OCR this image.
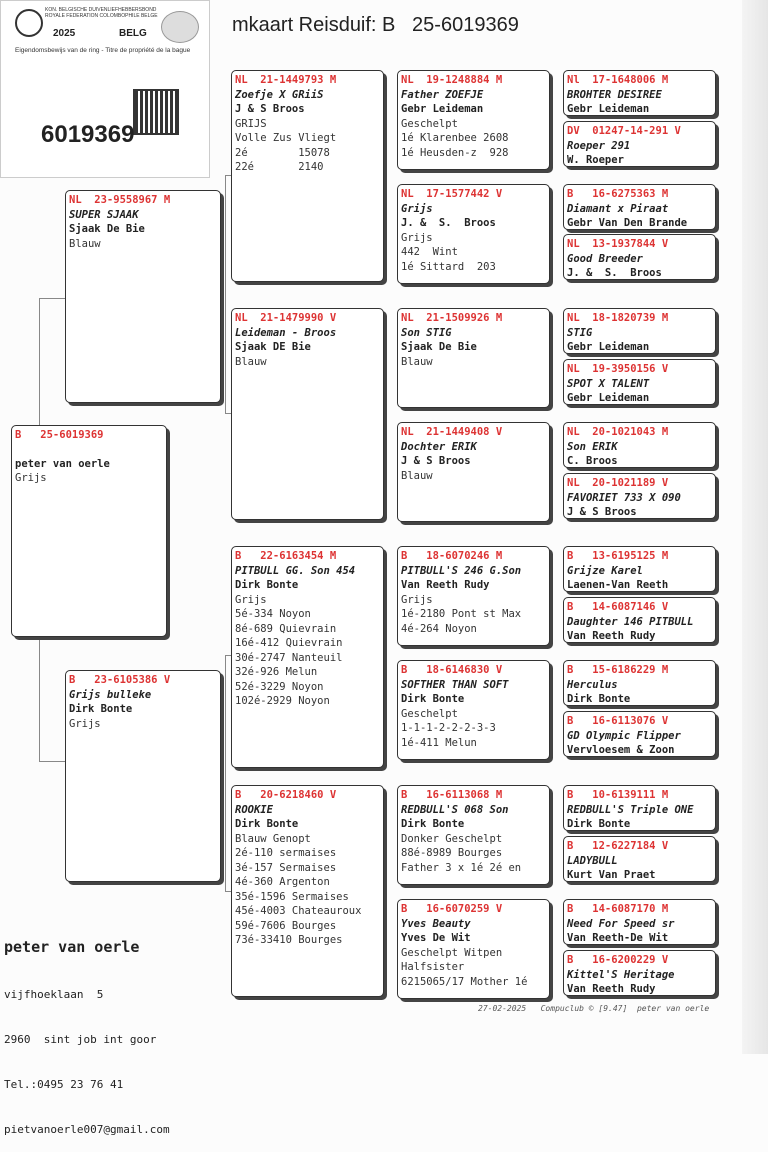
mkaart Reisduif: B   25-6019369
B   25-6019369
peter van oerle
Grijs
NL  23-9558967 M
SUPER SJAAK
Sjaak De Bie
Blauw
B   23-6105386 V
Grijs bulleke
Dirk Bonte
Grijs
NL  21-1449793 M
Zoefje X GRiiS
J & S Broos
GRIJS
Volle Zus Vliegt
2é        15078
22é       2140
NL  21-1479990 V
Leideman - Broos
Sjaak DE Bie
Blauw
B   22-6163454 M
PITBULL GG. Son 454
Dirk Bonte
Grijs
5é-334 Noyon
8é-689 Quievrain
16é-412 Quievrain
30é-2747 Nanteuil
32é-926 Melun
52é-3229 Noyon
102é-2929 Noyon
B   20-6218460 V
ROOKIE
Dirk Bonte
Blauw Genopt
2é-110 sermaises
3é-157 Sermaises
4é-360 Argenton
35é-1596 Sermaises
45é-4003 Chateauroux
59é-7606 Bourges
73é-33410 Bourges
NL  19-1248884 M
Father ZOEFJE
Gebr Leideman
Geschelpt
1é Klarenbee 2608
1é Heusden-z  928
NL  17-1577442 V
Grijs
J. &  S.  Broos
Grijs
442  Wint
1é Sittard  203
NL  21-1509926 M
Son STIG
Sjaak De Bie
Blauw
NL  21-1449408 V
Dochter ERIK
J & S Broos
Blauw
B   18-6070246 M
PITBULL'S 246 G.Son
Van Reeth Rudy
Grijs
1é-2180 Pont st Max
4é-264 Noyon
B   18-6146830 V
SOFTHER THAN SOFT
Dirk Bonte
Geschelpt
1-1-1-2-2-2-3-3
1é-411 Melun
B   16-6113068 M
REDBULL'S 068 Son
Dirk Bonte
Donker Geschelpt
88é-8989 Bourges
Father 3 x 1é 2é en
B   16-6070259 V
Yves Beauty
Yves De Wit
Geschelpt Witpen
Halfsister
6215065/17 Mother 1é
Nl  17-1648006 M
BROHTER DESIREE
Gebr Leideman
DV  01247-14-291 V
Roeper 291
W. Roeper
B   16-6275363 M
Diamant x Piraat
Gebr Van Den Brande
NL  13-1937844 V
Good Breeder
J. &  S.  Broos
NL  18-1820739 M
STIG
Gebr Leideman
NL  19-3950156 V
SPOT X TALENT
Gebr Leideman
NL  20-1021043 M
Son ERIK
C. Broos
NL  20-1021189 V
FAVORIET 733 X 090
J & S Broos
B   13-6195125 M
Grijze Karel
Laenen-Van Reeth
B   14-6087146 V
Daughter 146 PITBULL
Van Reeth Rudy
B   15-6186229 M
Herculus
Dirk Bonte
B   16-6113076 V
GD Olympic Flipper
Vervloesem & Zoon
B   10-6139111 M
REDBULL'S Triple ONE
Dirk Bonte
B   12-6227184 V
LADYBULL
Kurt Van Praet
B   14-6087170 M
Need For Speed sr
Van Reeth-De Wit
B   16-6200229 V
Kittel'S Heritage
Van Reeth Rudy
KON. BELGISCHE DUIVENLIEFHEBBERSBOND
ROYALE FEDERATION COLOMBOPHILE BELGE
2025	BELG
Eigendomsbewijs van de ring - Titre de propriété de la bague
6019369

peter van oerle

vijfhoeklaan  5

2960  sint job int goor

Tel.:0495 23 76 41

pietvanoerle007@gmail.com

27-02-2025   Compuclub © [9.47]  peter van oerle
